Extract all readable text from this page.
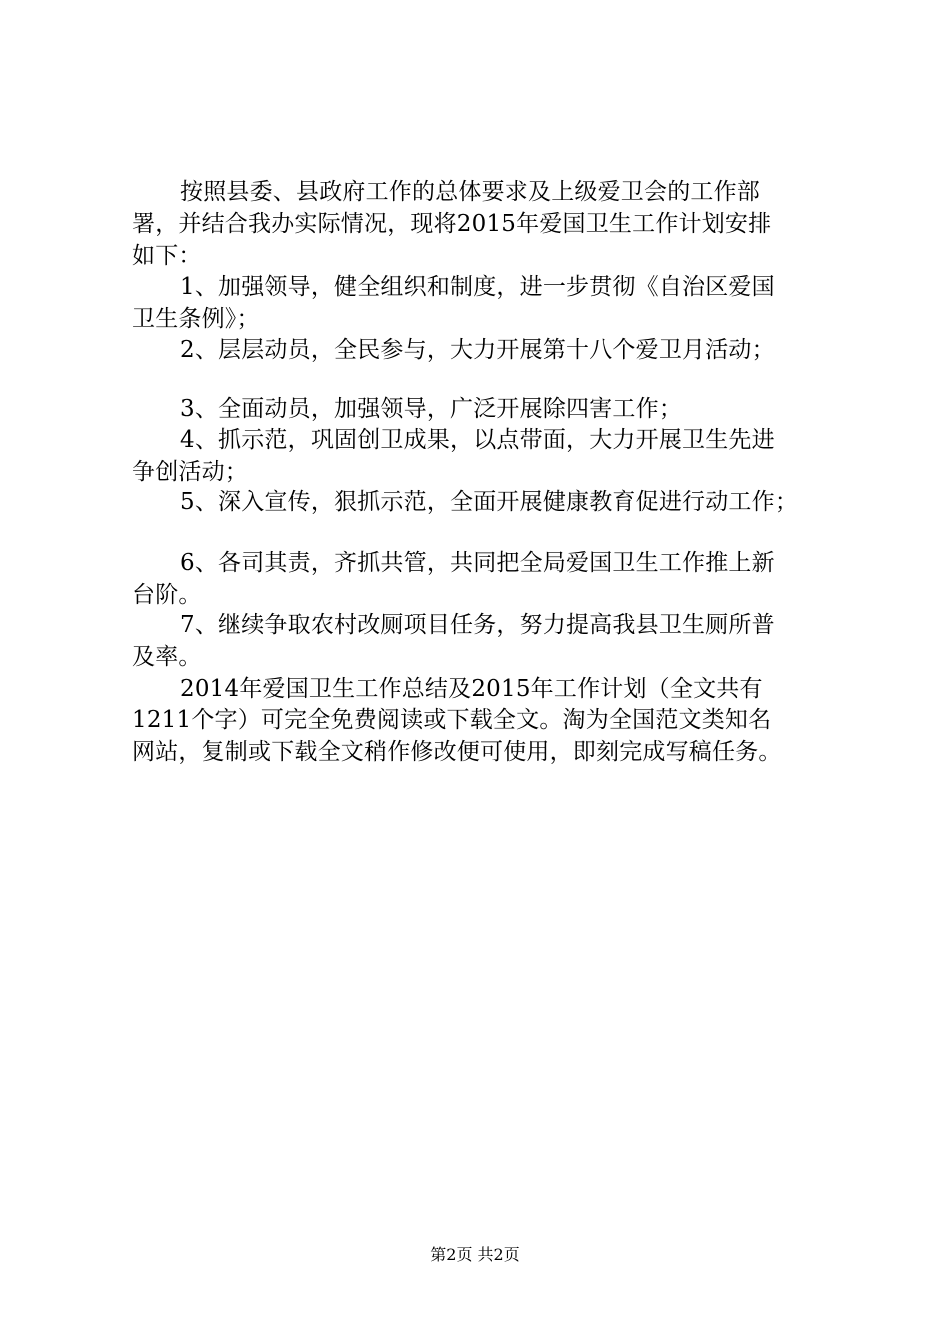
按照县委、县政府工作的总体要求及上级爱卫会的工作部
署，并结合我办实际情况，现将2015年爱国卫生工作计划安排
如下：
1、加强领导，健全组织和制度，进一步贯彻《自治区爱国
卫生条例》；
2、层层动员，全民参与，大力开展第十八个爱卫月活动；
3、全面动员，加强领导，广泛开展除四害工作；
4、抓示范，巩固创卫成果，以点带面，大力开展卫生先进
争创活动；
5、深入宣传，狠抓示范，全面开展健康教育促进行动工作；
6、各司其责，齐抓共管，共同把全局爱国卫生工作推上新
台阶。
7、继续争取农村改厕项目任务，努力提高我县卫生厕所普
及率。
2014年爱国卫生工作总结及2015年工作计划（全文共有
1211个字）可完全免费阅读或下载全文。淘为全国范文类知名
网站，复制或下载全文稍作修改便可使用，即刻完成写稿任务。
第2页 共2页
